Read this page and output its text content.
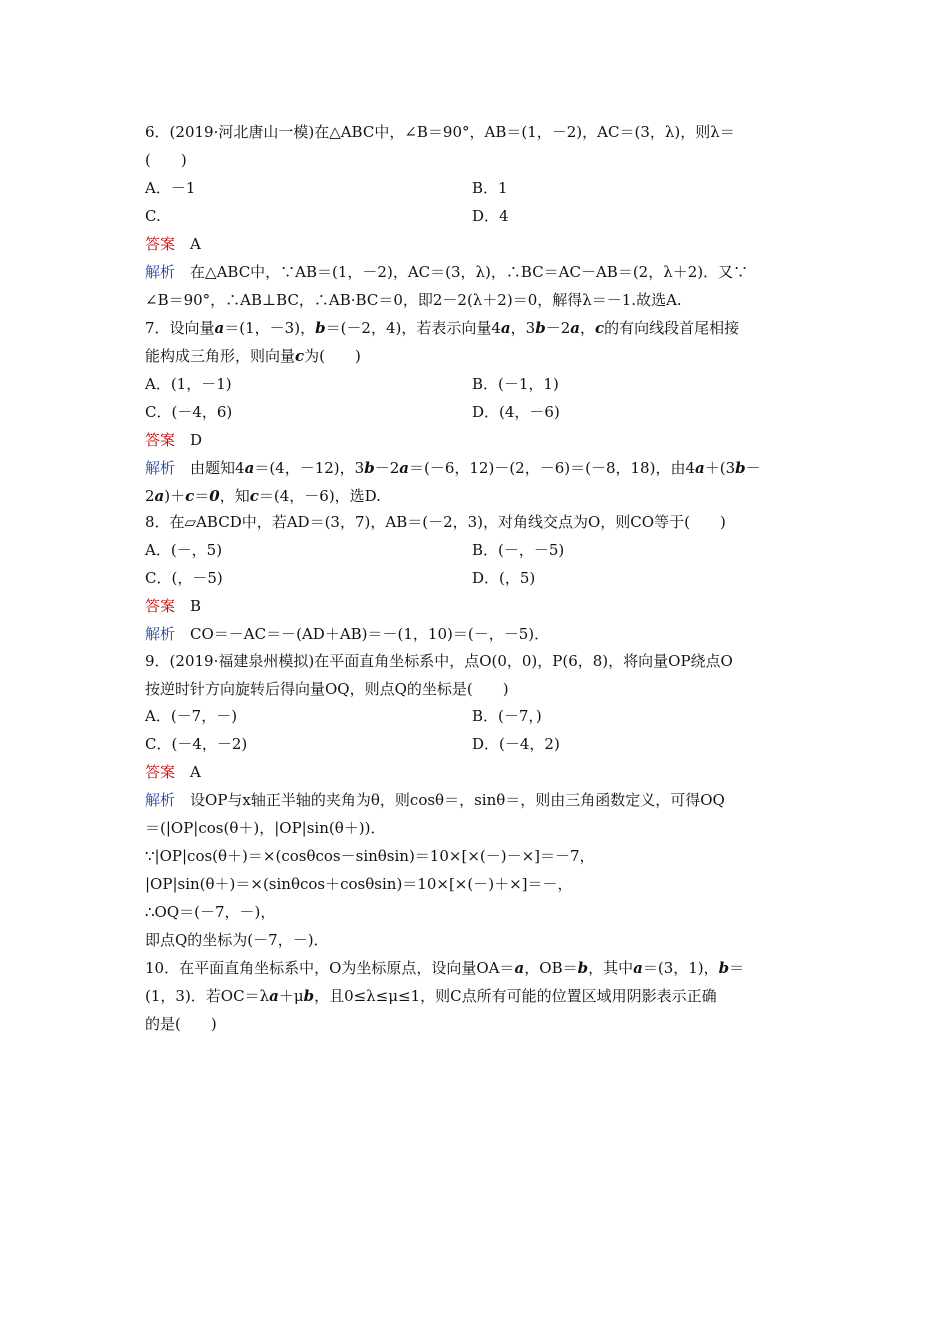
6．(2019·河北唐山一模)在△ABC中，∠B＝90°，AB＝(1，－2)，AC＝(3，λ)，则λ＝
(　　)
A．－1	B．1
C.	D．4
答案　 A
解析　 在△ABC中，∵AB＝(1，－2)，AC＝(3，λ)，∴BC＝AC－AB＝(2，λ＋2)．又∵
∠B＝90°，∴AB⊥BC，∴AB·BC＝0，即2－2(λ＋2)＝0，解得λ＝－1.故选A.
7．设向量a＝(1，－3)，b＝(－2，4)，若表示向量4a，3b－2a，c的有向线段首尾相接
能构成三角形，则向量c为(　　)
A．(1，－1)	B．(－1，1)
C．(－4，6)	D．(4，－6)
答案　 D
解析　 由题知4a＝(4，－12)，3b－2a＝(－6，12)－(2，－6)＝(－8，18)，由4a＋(3b－
2a)＋c＝0，知c＝(4，－6)，选D.
8．在▱ABCD中，若AD＝(3，7)，AB＝(－2，3)，对角线交点为O，则CO等于(　　)
A．(－，5)	B．(－，－5)
C．(，－5)	D．(，5)
答案　 B
解析　 CO＝－AC＝－(AD＋AB)＝－(1，10)＝(－，－5)．
9．(2019·福建泉州模拟)在平面直角坐标系中，点O(0，0)，P(6，8)，将向量OP绕点O
按逆时针方向旋转后得向量OQ，则点Q的坐标是(　　)
A．(－7，－)	B．(－7，)
C．(－4，－2)	D．(－4，2)
答案　 A
解析　 设OP与x轴正半轴的夹角为θ，则cosθ＝，sinθ＝，则由三角函数定义，可得OQ
＝(|OP|cos(θ＋)，|OP|sin(θ＋))．
∵|OP|cos(θ＋)＝×(cosθcos－sinθsin)＝10×[×(－)－×]＝－7，
|OP|sin(θ＋)＝×(sinθcos＋cosθsin)＝10×[×(－)＋×]＝－，
∴OQ＝(－7，－)，
即点Q的坐标为(－7，－)．
10．在平面直角坐标系中，O为坐标原点，设向量OA＝a，OB＝b，其中a＝(3，1)，b＝
(1，3)．若OC＝λa＋μb，且0≤λ≤μ≤1，则C点所有可能的位置区域用阴影表示正确
的是(　　)
